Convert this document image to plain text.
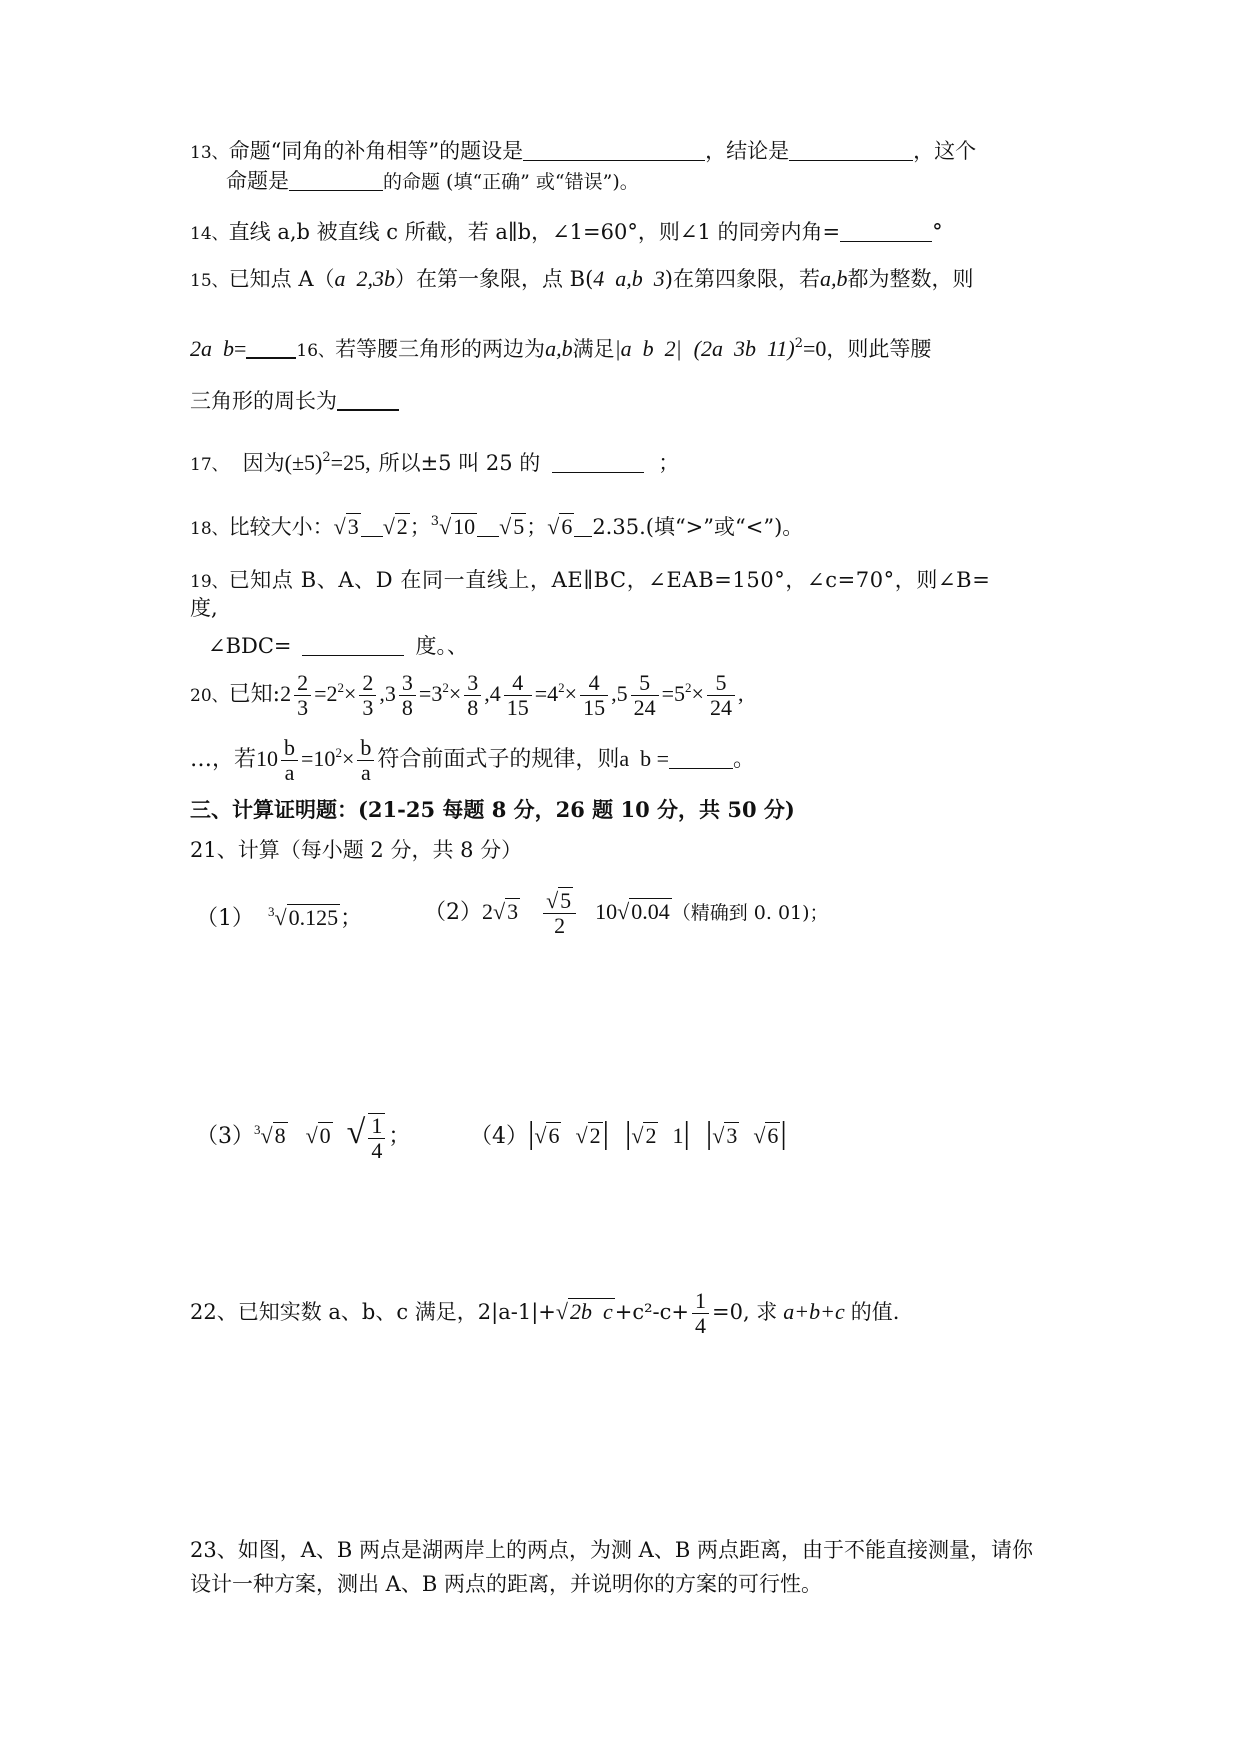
13、命题“同角的补角相等”的题设是	，结论是	，这个
命题是	的命题 (填“正确” 或“错误”)。
14、直线 a,b 被直线 c 所截，若 a∥b，∠1=60°，则∠1 的同旁内角=	°
15、已知点 A（a  2,3b）在第一象限，点 B(4  a,b  3)在第四象限，若a,b都为整数，则
2a  b=	16、若等腰三角形的两边为a,b满足|a  b  2| (2a  3b  11)$^2$=0，则此等腰
三角形的周长为
17、 因为$(\pm 5)^2=25$, 所以±5 叫 25 的	；
18、比较大小：√3 √2；$^3$√10 √5；√6 2.35.(填“>”或“<”)。
19、已知点 B、A、D 在同一直线上，AE∥BC，∠EAB=150°，∠c=70°，则∠B=
度,
∠BDC=	度。、
20、已知:2 $\frac{2}{3} =2^2\times \frac{2}{3} ,3 \frac{3}{8} =3^2\times \frac{3}{8} ,4 \frac{4}{15} =4^2\times \frac{4}{15} ,5 \frac{5}{24} =5^2\times \frac{5}{24}$ ,
…，若$10 \frac{b}{a} =10^2\times \frac{b}{a}$ 符合前面式子的规律，则a  b =	。
三、计算证明题：(21-25 每题 8 分，26 题 10 分，共 50 分)
21、计算（每小题 2 分，共 8 分）
（1） $^3$√0.125；	$(2)2√3 \frac{√5}{2} 10√0.04$ （精确到 0. 01)；
$(3)^3√8$ √0 √ $\frac{1}{4}$ ；	（4）|√6 √2| |√2 1| |√3 √6|
22、已知实数 a、b、c 满足，2|a-1|+√2b  $c+c^2-c+ \frac{1}{4} =0$, 求 a+b+c 的值.
23、如图，A、B 两点是湖两岸上的两点，为测 A、B 两点距离，由于不能直接测量，请你
设计一种方案，测出 A、B 两点的距离，并说明你的方案的可行性。
